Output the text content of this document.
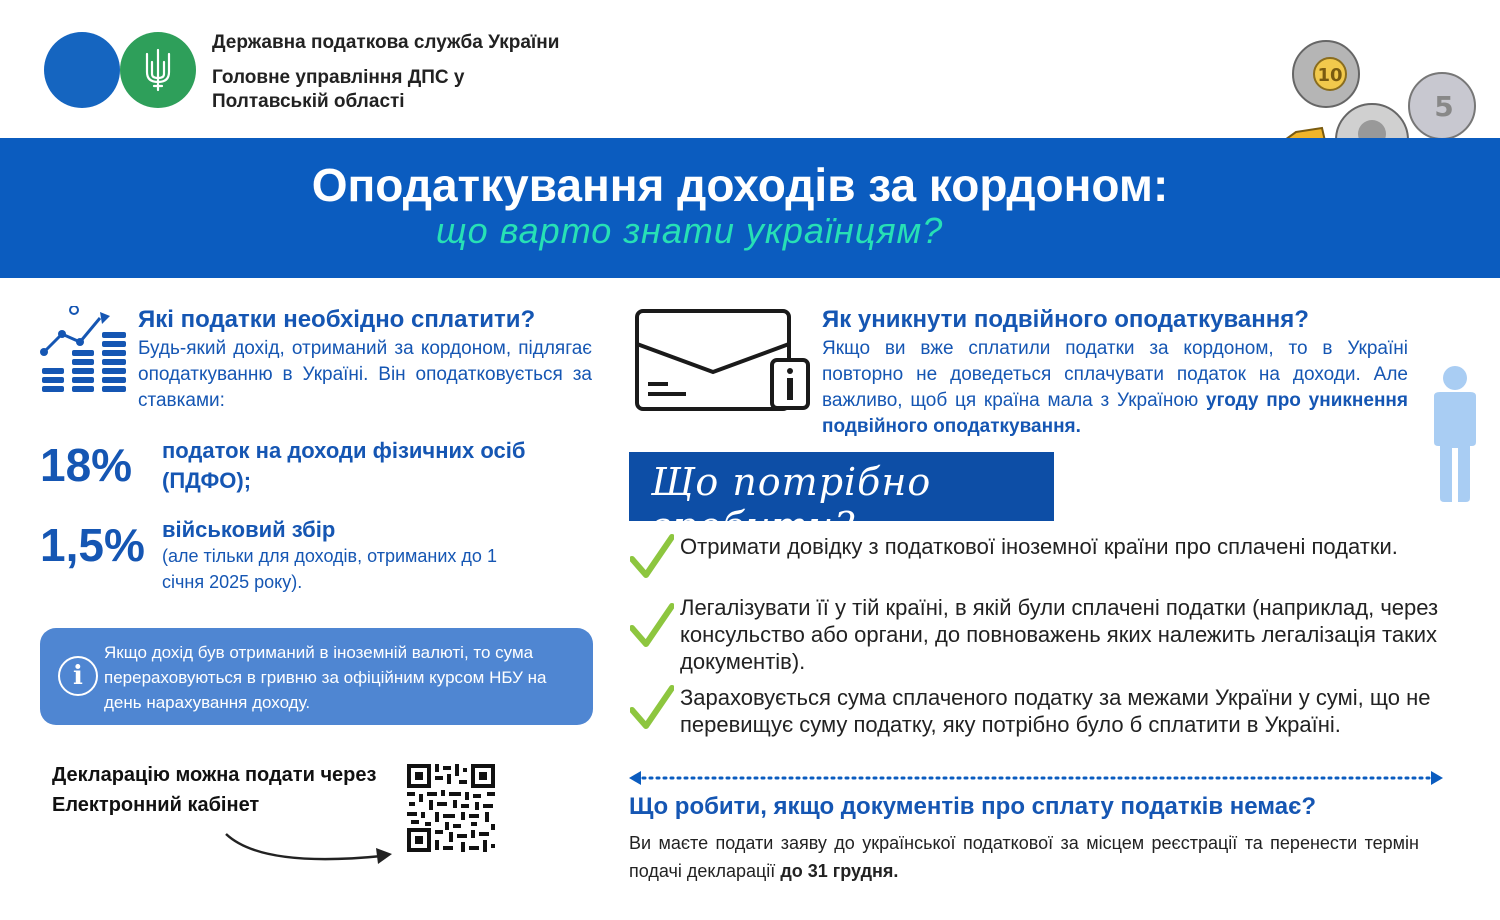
Державна податкова служба України
Головне управління ДПС у Полтавській області
10
5
Оподаткування доходів за кордоном:
що варто знати українцям?
Які податки необхідно сплатити?
Будь-який дохід, отриманий за кордоном, підлягає оподаткуванню в Україні. Він оподатковується за ставками:
18% податок на доходи фізичних осіб (ПДФО);
1,5% військовий збір
(але тільки для доходів, отриманих до 1 січня 2025 року).
i
Якщо дохід був отриманий в іноземній валюті, то сума перераховуються в гривню за офіційним курсом НБУ на день нарахування доходу.
Декларацію можна подати через Електронний кабінет
Як уникнути подвійного оподаткування?
Якщо ви вже сплатили податки за кордоном, то в Україні повторно не доведеться сплачувати податок на доходи. Але важливо, щоб ця країна мала з Україною угоду про уникнення подвійного оподаткування.
Що потрібно зробити?
Отримати довідку з податкової іноземної країни про сплачені податки.
Легалізувати її у тій країні, в якій були сплачені податки (наприклад, через консульство або органи, до повноважень яких належить легалізація таких документів).
Зараховується сума сплаченого податку за межами України у сумі, що не перевищує суму податку, яку потрібно було б сплатити в Україні.
Що робити, якщо документів про сплату податків немає?
Ви маєте подати заяву до української податкової за місцем реєстрації та перенести термін подачі декларації до 31 грудня.
